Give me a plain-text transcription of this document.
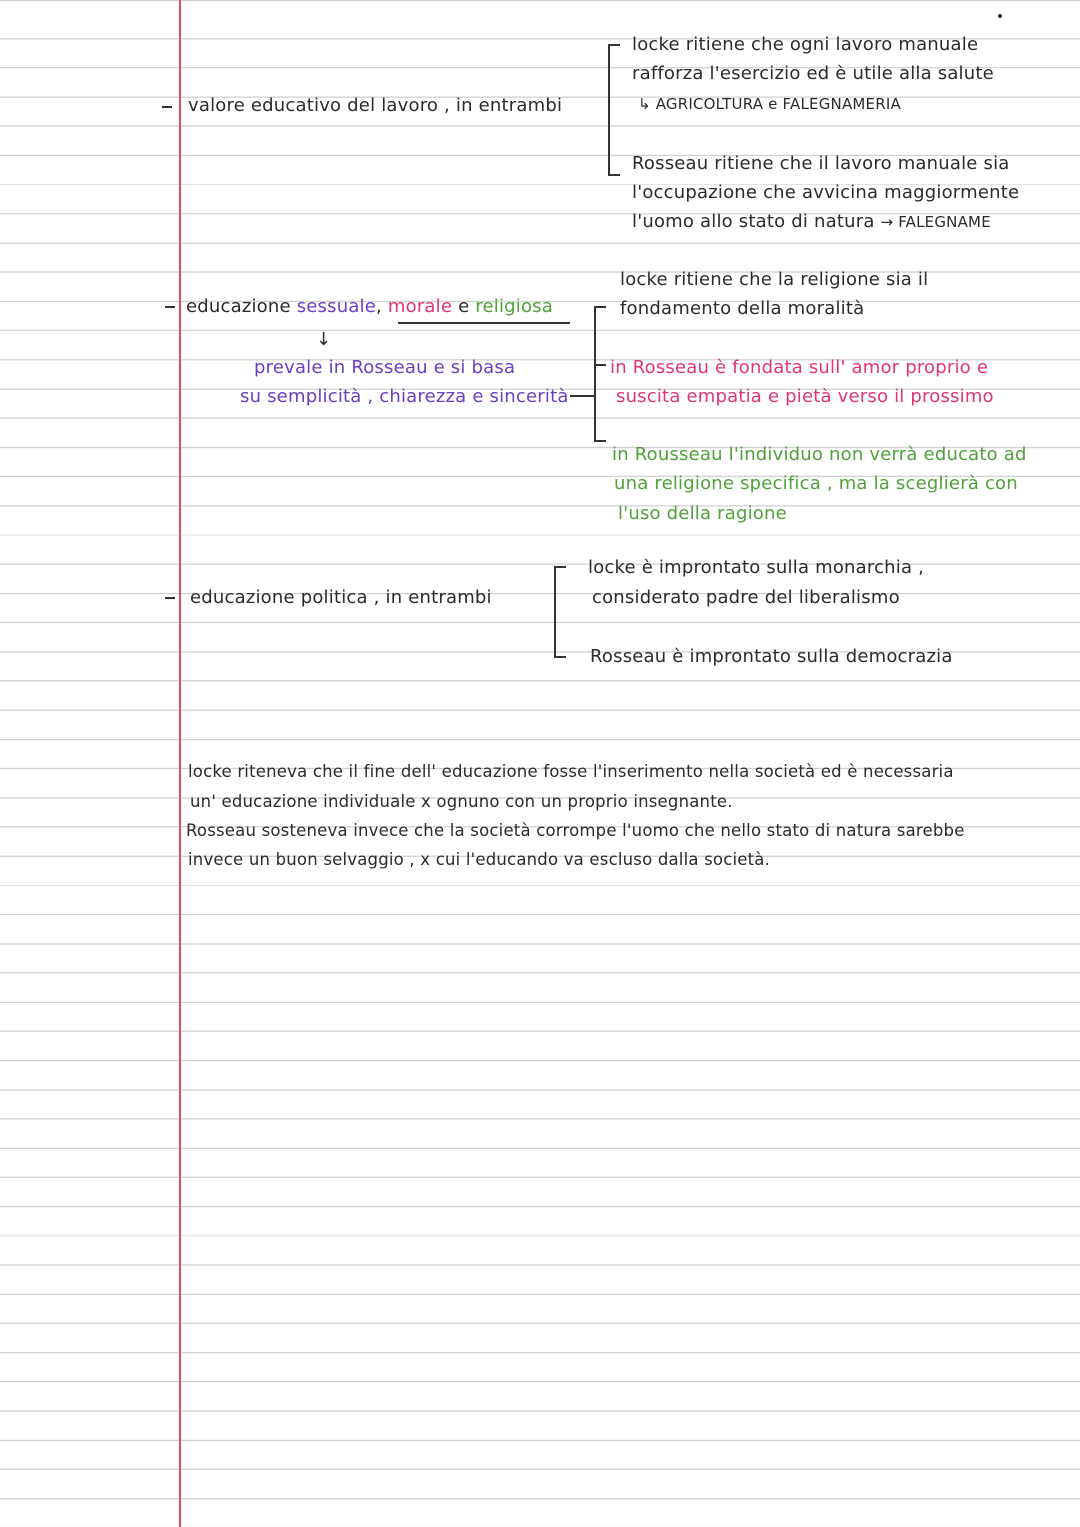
valore educativo del lavoro , in entrambi
locke ritiene che ogni lavoro manuale
rafforza l'esercizio ed è utile alla salute
↳ AGRICOLTURA e FALEGNAMERIA
Rosseau ritiene che il lavoro manuale sia
l'occupazione che avvicina maggiormente
l'uomo allo stato di natura → FALEGNAME
educazione sessuale, morale e religiosa
↓
prevale in Rosseau e si basa
su semplicità , chiarezza e sincerità
locke ritiene che la religione sia il
fondamento della moralità
in Rosseau è fondata sull' amor proprio e
suscita empatia e pietà verso il prossimo
in Rousseau l'individuo non verrà educato ad
una religione specifica , ma la sceglierà con
l'uso della ragione
educazione politica , in entrambi
locke è improntato sulla monarchia ,
considerato padre del liberalismo
Rosseau è improntato sulla democrazia
locke riteneva che il fine dell' educazione fosse l'inserimento nella società ed è necessaria
un' educazione individuale x ognuno con un proprio insegnante.
Rosseau sosteneva invece che la società corrompe l'uomo che nello stato di natura sarebbe
invece un buon selvaggio , x cui l'educando va escluso dalla società.
